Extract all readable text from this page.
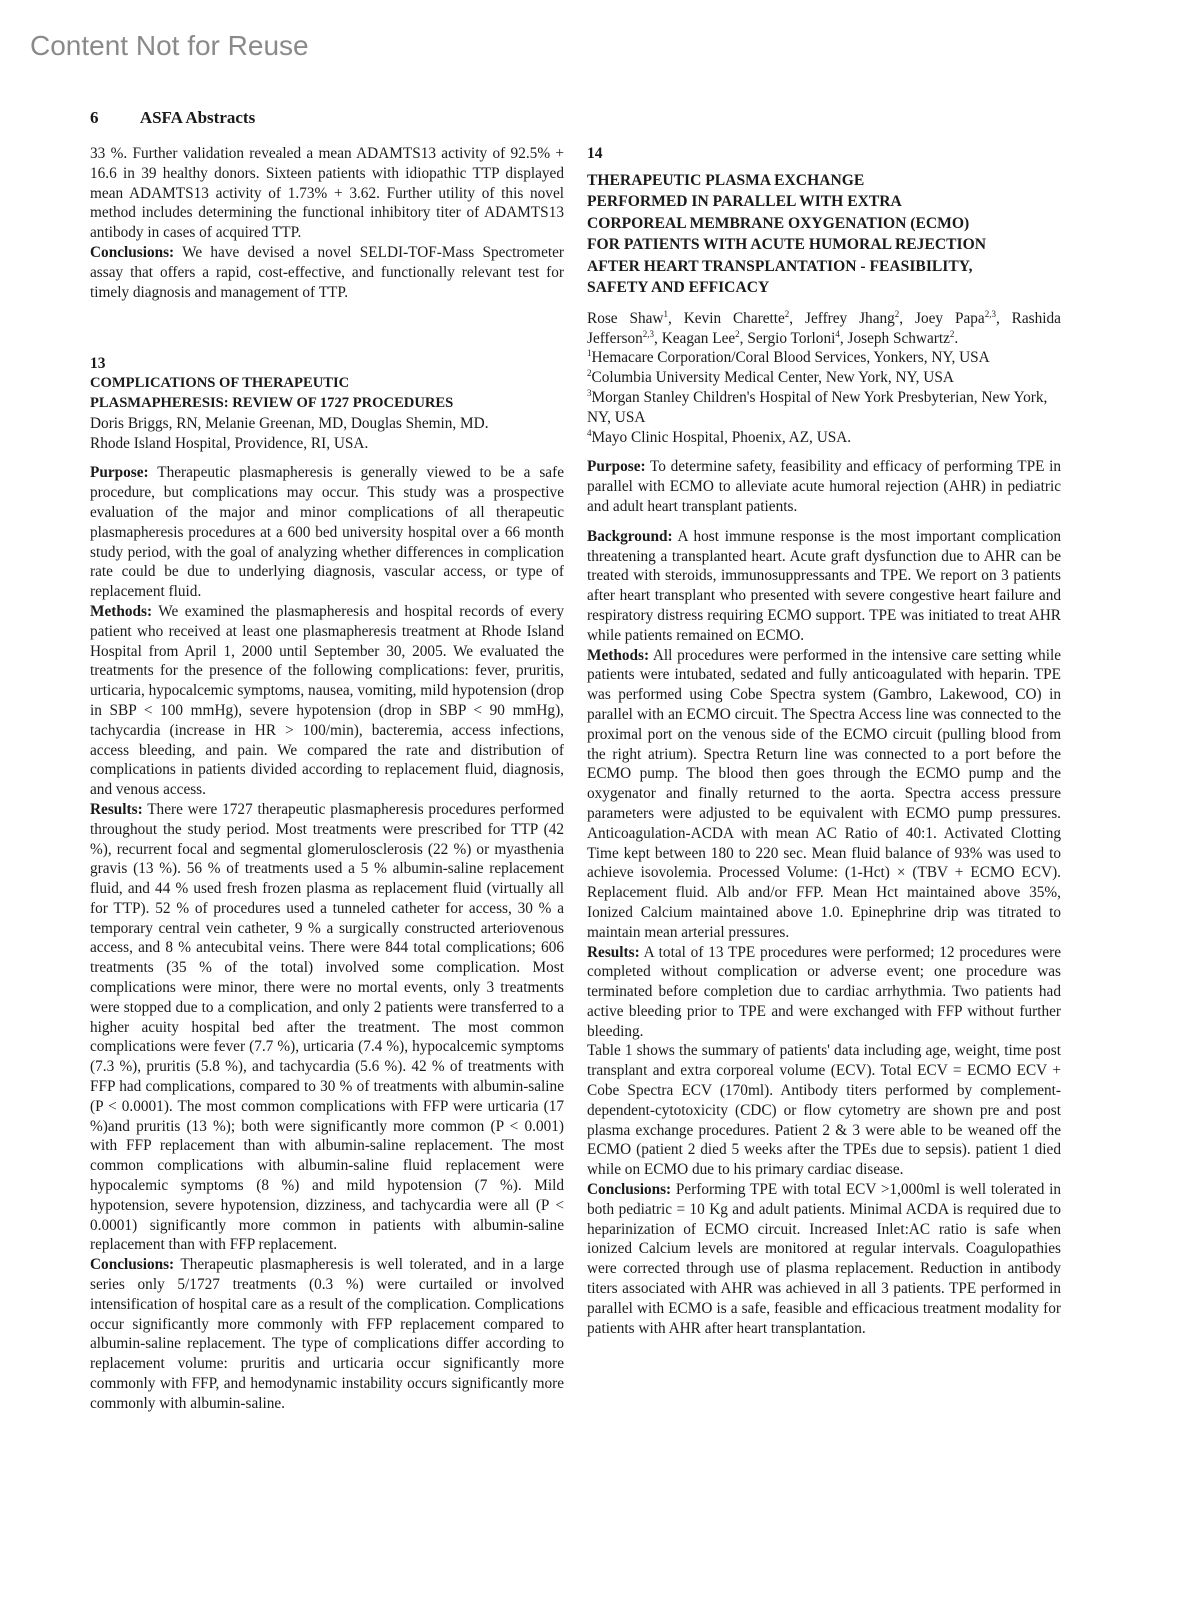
Content Not for Reuse
6 ASFA Abstracts

33 %. Further validation revealed a mean ADAMTS13 activity of 92.5% + 16.6 in 39 healthy donors. Sixteen patients with idiopathic TTP displayed mean ADAMTS13 activity of 1.73% + 3.62. Further utility of this novel method includes determining the functional inhibitory titer of ADAMTS13 antibody in cases of acquired TTP.

Conclusions: We have devised a novel SELDI-TOF-Mass Spectrometer assay that offers a rapid, cost-effective, and functionally relevant test for timely diagnosis and management of TTP.

13

COMPLICATIONS OF THERAPEUTIC
PLASMAPHERESIS: REVIEW OF 1727 PROCEDURES

Doris Briggs, RN, Melanie Greenan, MD, Douglas Shemin, MD.

Rhode Island Hospital, Providence, RI, USA.

Purpose: Therapeutic plasmapheresis is generally viewed to be a safe procedure, but complications may occur. This study was a prospective evaluation of the major and minor complications of all therapeutic plasmapheresis procedures at a 600 bed university hospital over a 66 month study period, with the goal of analyzing whether differences in complication rate could be due to underlying diagnosis, vascular access, or type of replacement fluid.

Methods: We examined the plasmapheresis and hospital records of every patient who received at least one plasmapheresis treatment at Rhode Island Hospital from April 1, 2000 until September 30, 2005. We evaluated the treatments for the presence of the following complications: fever, pruritis, urticaria, hypocalcemic symptoms, nausea, vomiting, mild hypotension (drop in SBP < 100 mmHg), severe hypotension (drop in SBP < 90 mmHg), tachycardia (increase in HR > 100/min), bacteremia, access infections, access bleeding, and pain. We compared the rate and distribution of complications in patients divided according to replacement fluid, diagnosis, and venous access.

Results: There were 1727 therapeutic plasmapheresis procedures performed throughout the study period. Most treatments were prescribed for TTP (42 %), recurrent focal and segmental glomerulosclerosis (22 %) or myasthenia gravis (13 %). 56 % of treatments used a 5 % albumin-saline replacement fluid, and 44 % used fresh frozen plasma as replacement fluid (virtually all for TTP). 52 % of procedures used a tunneled catheter for access, 30 % a temporary central vein catheter, 9 % a surgically constructed arteriovenous access, and 8 % antecubital veins. There were 844 total complications; 606 treatments (35 % of the total) involved some complication. Most complications were minor, there were no mortal events, only 3 treatments were stopped due to a complication, and only 2 patients were transferred to a higher acuity hospital bed after the treatment. The most common complications were fever (7.7 %), urticaria (7.4 %), hypocalcemic symptoms (7.3 %), pruritis (5.8 %), and tachycardia (5.6 %). 42 % of treatments with FFP had complications, compared to 30 % of treatments with albumin-saline (P < 0.0001). The most common complications with FFP were urticaria (17 %)and pruritis (13 %); both were significantly more common (P < 0.001) with FFP replacement than with albumin-saline replacement. The most common complications with albumin-saline fluid replacement were hypocalemic symptoms (8 %) and mild hypotension (7 %). Mild hypotension, severe hypotension, dizziness, and tachycardia were all (P < 0.0001) significantly more common in patients with albumin-saline replacement than with FFP replacement.

Conclusions: Therapeutic plasmapheresis is well tolerated, and in a large series only 5/1727 treatments (0.3 %) were curtailed or involved intensification of hospital care as a result of the complication. Complications occur significantly more commonly with FFP replacement compared to albumin-saline replacement. The type of complications differ according to replacement volume: pruritis and urticaria occur significantly more commonly with FFP, and hemodynamic instability occurs significantly more commonly with albumin-saline.

14

THERAPEUTIC PLASMA EXCHANGE
PERFORMED IN PARALLEL WITH EXTRA
CORPOREAL MEMBRANE OXYGENATION (ECMO)
FOR PATIENTS WITH ACUTE HUMORAL REJECTION
AFTER HEART TRANSPLANTATION - FEASIBILITY,
SAFETY AND EFFICACY

Rose Shaw$^1$, Kevin Charette$^2$, Jeffrey Jhang$^2$, Joey Papa$^{2,3}$, Rashida Jefferson$^{2,3}$, Keagan Lee$^2$, Sergio Torloni$^4$, Joseph Schwartz$^2$.

$^1$Hemacare Corporation/Coral Blood Services, Yonkers, NY, USA
$^2$Columbia University Medical Center, New York, NY, USA
$^3$Morgan Stanley Children's Hospital of New York Presbyterian, New York, NY, USA
$^4$Mayo Clinic Hospital, Phoenix, AZ, USA.

Purpose: To determine safety, feasibility and efficacy of performing TPE in parallel with ECMO to alleviate acute humoral rejection (AHR) in pediatric and adult heart transplant patients.

Background: A host immune response is the most important complication threatening a transplanted heart. Acute graft dysfunction due to AHR can be treated with steroids, immunosuppressants and TPE. We report on 3 patients after heart transplant who presented with severe congestive heart failure and respiratory distress requiring ECMO support. TPE was initiated to treat AHR while patients remained on ECMO.

Methods: All procedures were performed in the intensive care setting while patients were intubated, sedated and fully anticoagulated with heparin. TPE was performed using Cobe Spectra system (Gambro, Lakewood, CO) in parallel with an ECMO circuit. The Spectra Access line was connected to the proximal port on the venous side of the ECMO circuit (pulling blood from the right atrium). Spectra Return line was connected to a port before the ECMO pump. The blood then goes through the ECMO pump and the oxygenator and finally returned to the aorta. Spectra access pressure parameters were adjusted to be equivalent with ECMO pump pressures. Anticoagulation-ACDA with mean AC Ratio of 40:1. Activated Clotting Time kept between 180 to 220 sec. Mean fluid balance of 93% was used to achieve isovolemia. Processed Volume: (1-Hct) × (TBV + ECMO ECV). Replacement fluid. Alb and/or FFP. Mean Hct maintained above 35%, Ionized Calcium maintained above 1.0. Epinephrine drip was titrated to maintain mean arterial pressures.

Results: A total of 13 TPE procedures were performed; 12 procedures were completed without complication or adverse event; one procedure was terminated before completion due to cardiac arrhythmia. Two patients had active bleeding prior to TPE and were exchanged with FFP without further bleeding.

Table 1 shows the summary of patients' data including age, weight, time post transplant and extra corporeal volume (ECV). Total ECV = ECMO ECV + Cobe Spectra ECV (170ml). Antibody titers performed by complement-dependent-cytotoxicity (CDC) or flow cytometry are shown pre and post plasma exchange procedures. Patient 2 & 3 were able to be weaned off the ECMO (patient 2 died 5 weeks after the TPEs due to sepsis). patient 1 died while on ECMO due to his primary cardiac disease.

Conclusions: Performing TPE with total ECV >1,000ml is well tolerated in both pediatric = 10 Kg and adult patients. Minimal ACDA is required due to heparinization of ECMO circuit. Increased Inlet:AC ratio is safe when ionized Calcium levels are monitored at regular intervals. Coagulopathies were corrected through use of plasma replacement. Reduction in antibody titers associated with AHR was achieved in all 3 patients. TPE performed in parallel with ECMO is a safe, feasible and efficacious treatment modality for patients with AHR after heart transplantation.
